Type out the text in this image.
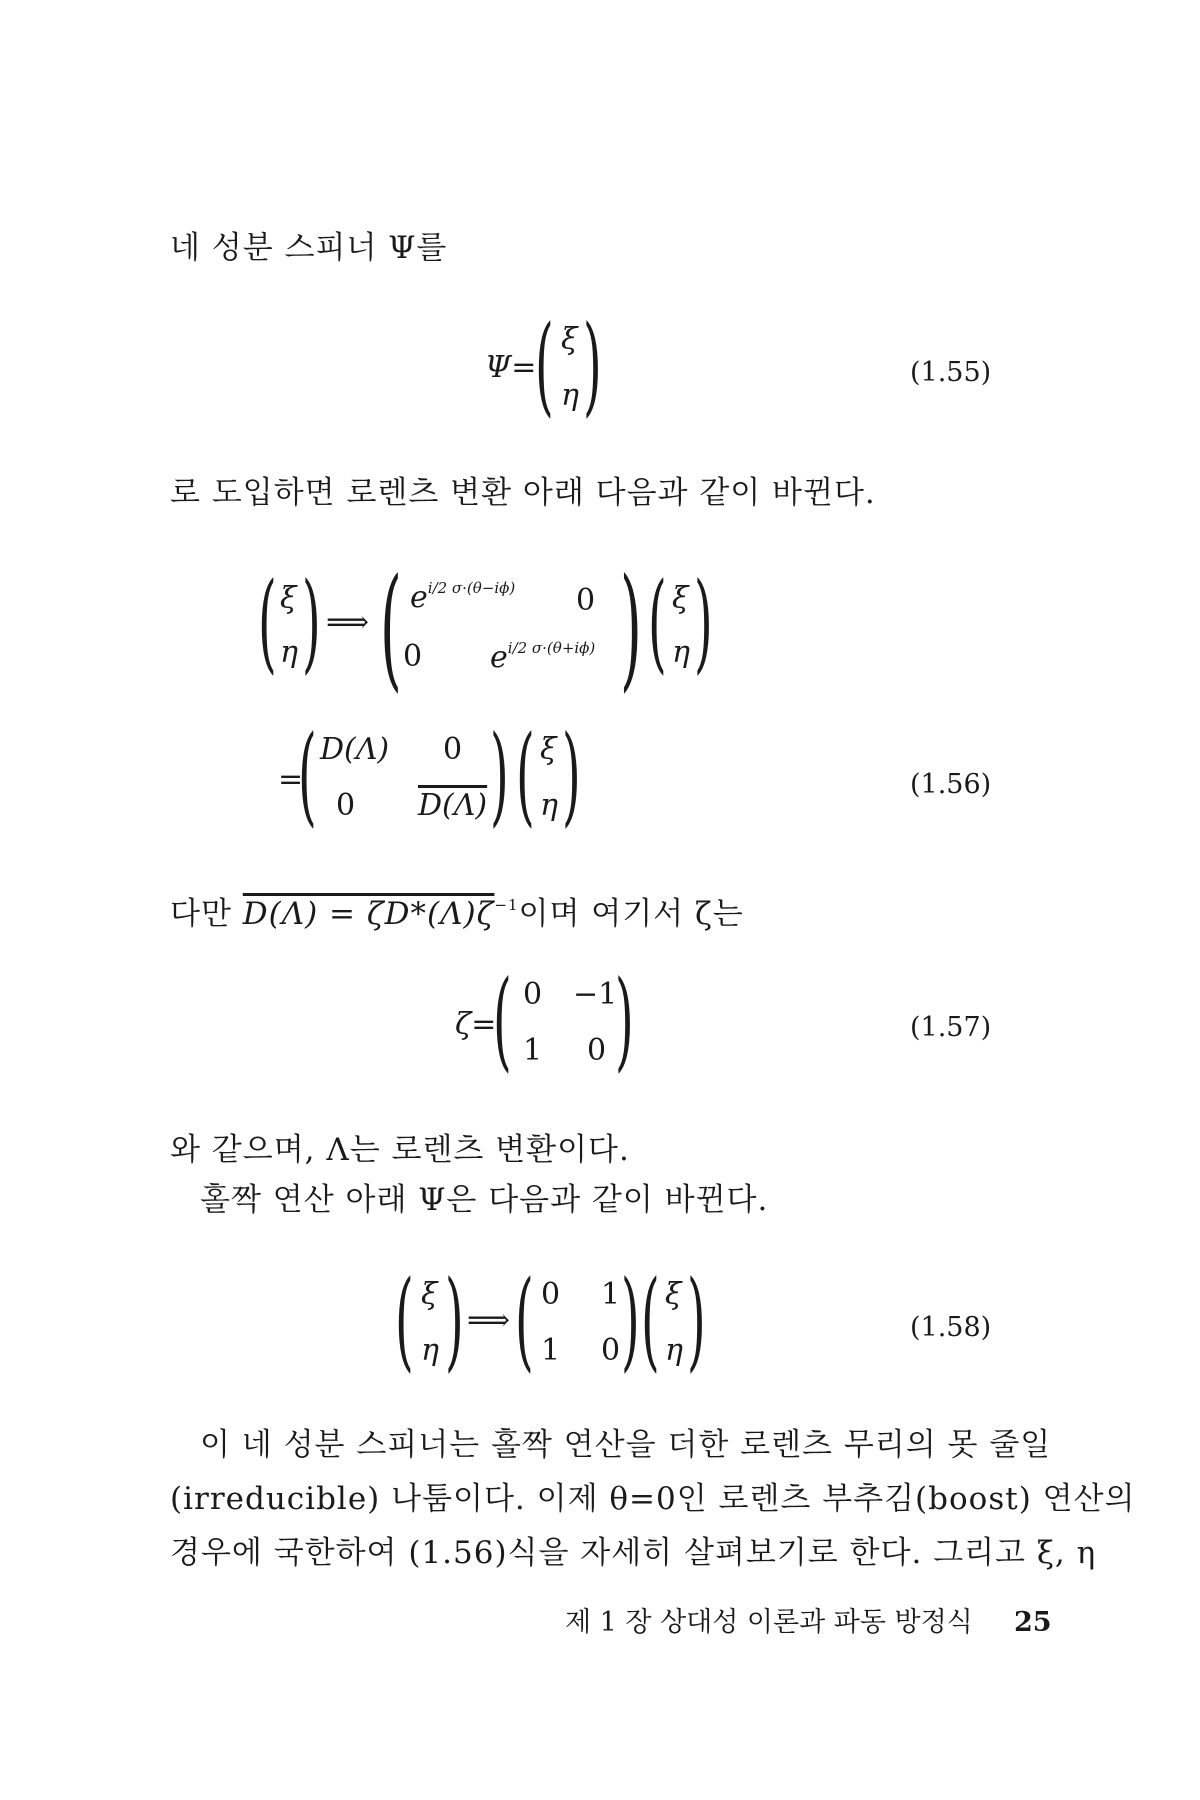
네 성분 스피너 Ψ를
Ψ=
( ξ
η )	(1.55)
로 도입하면 로렌츠 변환 아래 다음과 같이 바뀐다.
( ξ
η ) ⟹ ( $e^{i/2 \sigma\cdot(\theta-i\phi)}$ 0
0 $e^{i/2 \sigma\cdot(\theta+i\phi)}$ ) ( ξ
η )
=
( D(Λ) 0
0 D(Λ) ) ( ξ
η )	(1.56)
다만 $D(\Lambda) = \zeta D*(\Lambda)\zeta^{-1}$이며 여기서 ζ는
ζ=
( 0 −1
1 0 )	(1.57)
와 같으며, Λ는 로렌츠 변환이다.
홀짝 연산 아래 Ψ은 다음과 같이 바뀐다.
( ξ
η ) ⟹ ( 0 1
1 0 ) ( ξ
η )	(1.58)
이 네 성분 스피너는 홀짝 연산을 더한 로렌츠 무리의 못 줄일
(irreducible) 나툼이다. 이제 θ=0인 로렌츠 부추김(boost) 연산의
경우에 국한하여 (1.56)식을 자세히 살펴보기로 한다. 그리고 ξ, η
제 1 장 상대성 이론과 파동 방정식 25
